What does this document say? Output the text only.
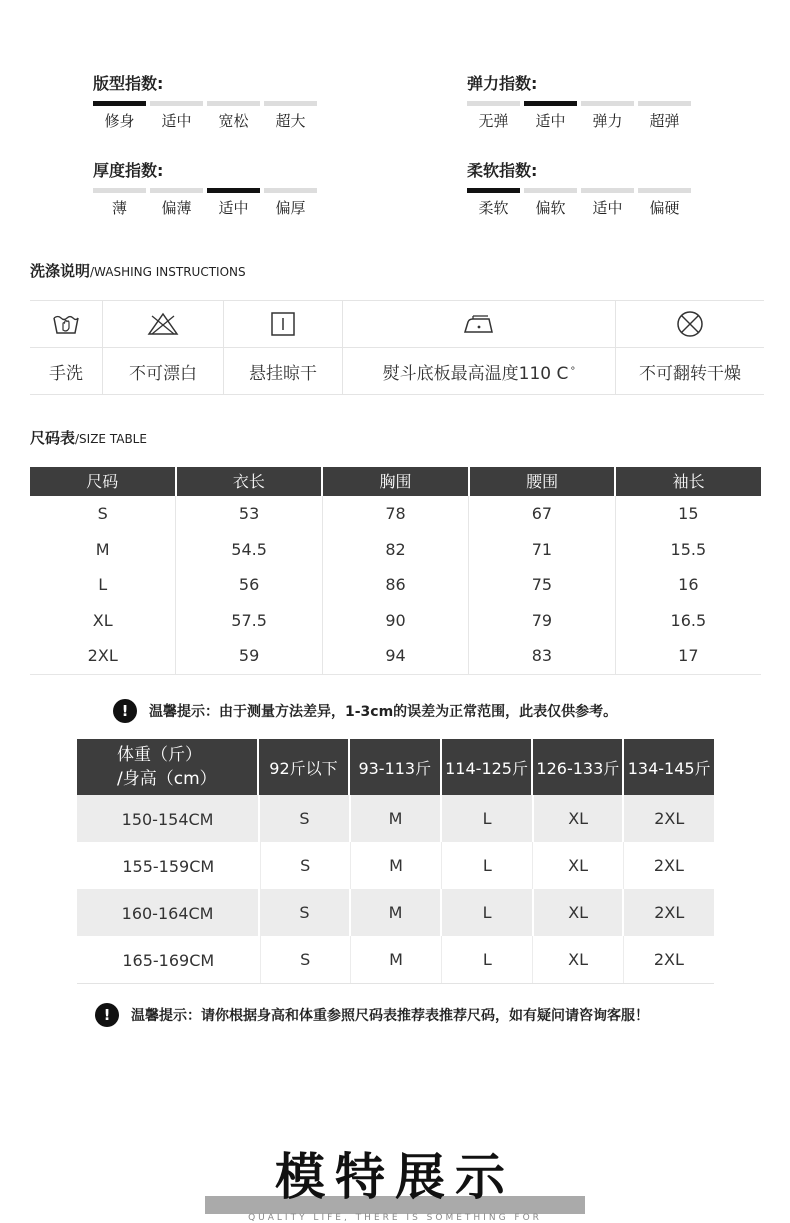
版型指数:
修身	适中	宽松	超大
弹力指数:
无弹	适中	弹力	超弹
厚度指数:
薄	偏薄	适中	偏厚
柔软指数:
柔软	偏软	适中	偏硬
洗涤说明/WASHING INSTRUCTIONS
手洗	不可漂白	悬挂晾干	熨斗底板最高温度110 C °	不可翻转干燥
尺码表/SIZE TABLE
尺码	衣长	胸围	腰围	袖长
S	53	78	67	15
M	54.5	82	71	15.5
L	56	86	75	16
XL	57.5	90	79	16.5
2XL	59	94	83	17
!	温馨提示：由于测量方法差异，1-3cm的误差为正常范围，此表仅供参考。
体重（斤）
/身高（cm）
92斤以下	93-113斤 114-125斤 126-133斤 134-145斤
150-154CM	S	M	L	XL	2XL
155-159CM	S	M	L	XL	2XL
160-164CM	S	M	L	XL	2XL
165-169CM	S	M	L	XL	2XL
!	温馨提示：请你根据身高和体重参照尺码表推荐表推荐尺码，如有疑问请咨询客服！
模特展示
QUALITY LIFE, THERE IS SOMETHING FOR
